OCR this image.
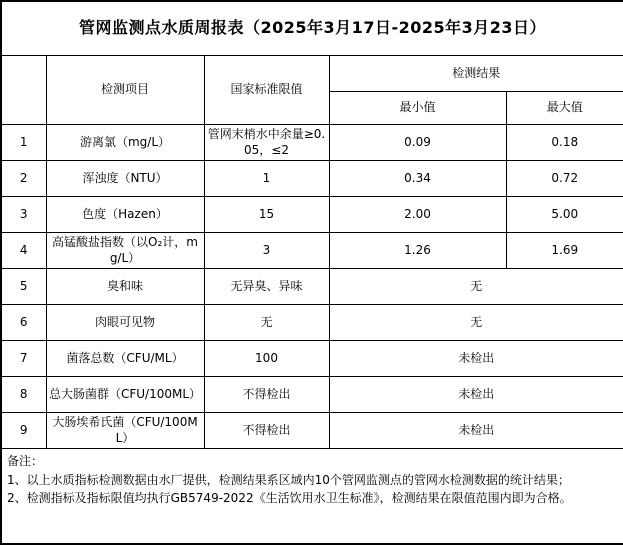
管网监测点水质周报表（2025年3月17日-2025年3月23日）				
	检测项目	国家标准限值	检测结果	
			最小值	最大值
1	游离氯（mg/L）	管网末梢水中余量≥0.05，≤2	0.09	0.18
2	浑浊度（NTU）	1	0.34	0.72
3	色度（Hazen）	15	2.00	5.00
4	高锰酸盐指数（以O₂计，mg/L）	3	1.26	1.69
5	臭和味	无异臭、异味	无	
6	肉眼可见物	无	无	
7	菌落总数（CFU/ML）	100	未检出	
8	总大肠菌群（CFU/100ML）	不得检出	未检出	
9	大肠埃希氏菌（CFU/100ML）	不得检出	未检出	

备注：
1、以上水质指标检测数据由水厂提供，检测结果系区域内10个管网监测点的管网水检测数据的统计结果；
2、检测指标及指标限值均执行GB5749-2022《生活饮用水卫生标准》，检测结果在限值范围内即为合格。				
